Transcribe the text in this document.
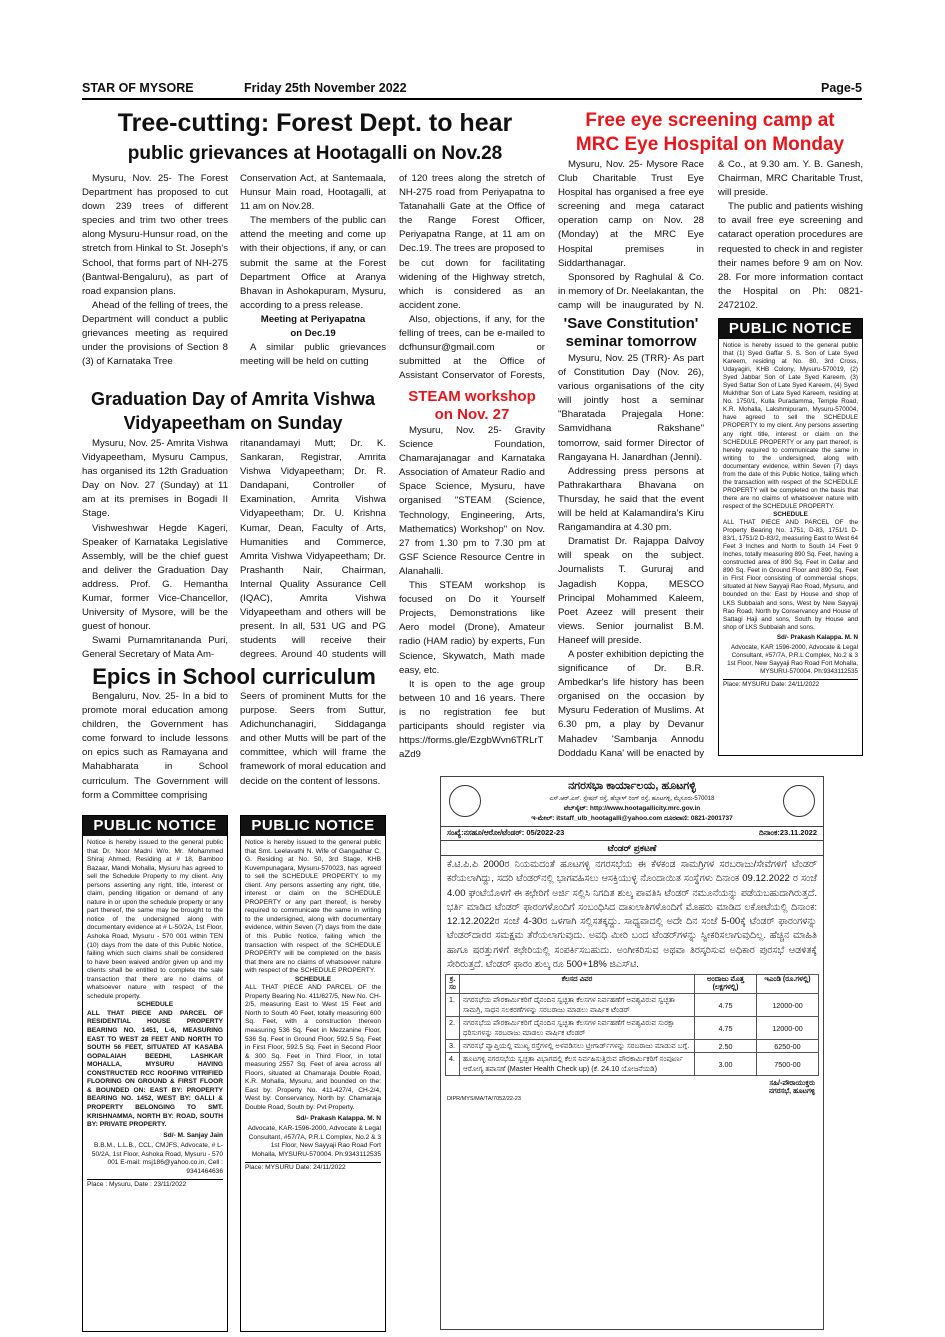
STAR OF MYSORE	Friday 25th November 2022	Page-5
Tree-cutting: Forest Dept. to hear
public grievances at Hootagalli on Nov.28

Mysuru, Nov. 25- The Forest Department has proposed to cut down 239 trees of different species and trim two other trees along Mysuru-Hunsur road, on the stretch from Hinkal to St. Joseph's School, that forms part of NH-275 (Bantwal-Bengaluru), as part of road expansion plans.

Ahead of the felling of trees, the Department will conduct a public grievances meeting as required under the provisions of Section 8 (3) of Karnataka Tree

Conservation Act, at Santemaala, Hunsur Main road, Hootagalli, at 11 am on Nov.28.

The members of the public can attend the meeting and come up with their objections, if any, or can submit the same at the Forest Department Office at Aranya Bhavan in Ashokapuram, Mysuru, according to a press release.

Meeting at Periyapatna on Dec.19

A similar public grievances meeting will be held on cutting

of 120 trees along the stretch of NH-275 road from Periyapatna to Tatanahalli Gate at the Office of the Range Forest Officer, Periyapatna Range, at 11 am on Dec.19. The trees are proposed to be cut down for facilitating widening of the Highway stretch, which is considered as an accident zone.

Also, objections, if any, for the felling of trees, can be e-mailed to dcfhunsur@gmail.com or submitted at the Office of Assistant Conservator of Forests,

Graduation Day of Amrita Vishwa
Vidyapeetham on Sunday

Mysuru, Nov. 25- Amrita Vishwa Vidyapeetham, Mysuru Campus, has organised its 12th Graduation Day on Nov. 27 (Sunday) at 11 am at its premises in Bogadi II Stage.

Vishweshwar Hegde Kageri, Speaker of Karnataka Legislative Assembly, will be the chief guest and deliver the Graduation Day address. Prof. G. Hemantha Kumar, former Vice-Chancellor, University of Mysore, will be the guest of honour.

Swami Purnamritananda Puri, General Secretary of Mata Am-

ritanandamayi Mutt; Dr. K. Sankaran, Registrar, Amrita Vishwa Vidyapeetham; Dr. R. Dandapani, Controller of Examination, Amrita Vishwa Vidyapeetham; Dr. U. Krishna Kumar, Dean, Faculty of Arts, Humanities and Commerce, Amrita Vishwa Vidyapeetham; Dr. Prashanth Nair, Chairman, Internal Quality Assurance Cell (IQAC), Amrita Vishwa Vidyapeetham and others will be present. In all, 531 UG and PG students will receive their degrees. Around 40 students will

Epics in School curriculum

Bengaluru, Nov. 25- In a bid to promote moral education among children, the Government has come forward to include lessons on epics such as Ramayana and Mahabharata in School curriculum. The Government will form a Committee comprising

Seers of prominent Mutts for the purpose. Seers from Suttur, Adichunchanagiri, Siddaganga and other Mutts will be part of the committee, which will frame the framework of moral education and decide on the content of lessons.

STEAM workshop
on Nov. 27

Mysuru, Nov. 25- Gravity Science Foundation, Chamarajanagar and Karnataka Association of Amateur Radio and Space Science, Mysuru, have organised "STEAM (Science, Technology, Engineering, Arts, Mathematics) Workshop" on Nov. 27 from 1.30 pm to 7.30 pm at GSF Science Resource Centre in Alanahalli.

This STEAM workshop is focused on Do it Yourself Projects, Demonstrations like Aero model (Drone), Amateur radio (HAM radio) by experts, Fun Science, Skywatch, Math made easy, etc.

It is open to the age group between 10 and 16 years. There is no registration fee but participants should register via https://forms.gle/EzgbWvn6TRLrTaZd9

Free eye screening camp at
MRC Eye Hospital on Monday

Mysuru, Nov. 25- Mysore Race Club Charitable Trust Eye Hospital has organised a free eye screening and mega cataract operation camp on Nov. 28 (Monday) at the MRC Eye Hospital premises in Siddarthanagar.

Sponsored by Raghulal & Co. in memory of Dr. Neelakantan, the camp will be inaugurated by N.

& Co., at 9.30 am. Y. B. Ganesh, Chairman, MRC Charitable Trust, will preside.

The public and patients wishing to avail free eye screening and cataract operation procedures are requested to check in and register their names before 9 am on Nov. 28. For more information contact the Hospital on Ph: 0821-2472102.

'Save Constitution'
seminar tomorrow

Mysuru, Nov. 25 (TRR)- As part of Constitution Day (Nov. 26), various organisations of the city will jointly host a seminar "Bharatada Prajegala Hone: Samvidhana Rakshane" tomorrow, said former Director of Rangayana H. Janardhan (Jenni).

Addressing press persons at Pathrakarthara Bhavana on Thursday, he said that the event will be held at Kalamandira's Kiru Rangamandira at 4.30 pm.

Dramatist Dr. Rajappa Dalvoy will speak on the subject. Journalists T. Gururaj and Jagadish Koppa, MESCO Principal Mohammed Kaleem, Poet Azeez will present their views. Senior journalist B.M. Haneef will preside.

A poster exhibition depicting the significance of Dr. B.R. Ambedkar's life history has been organised on the occasion by Mysuru Federation of Muslims. At 6.30 pm, a play by Devanur Mahadev 'Sambanja Annodu Doddadu Kana' will be enacted by

PUBLIC NOTICE
Notice is hereby issued to the general public that (1) Syed Gaffar S. S. Son of Late Syed Kareem, residing at No. 80, 3rd Cross, Udayagiri, KHB Colony, Mysuru-570019, (2) Syed Jabbar Son of Late Syed Kareem, (3) Syed Sattar Son of Late Syed Kareem, (4) Syed Mukhthar Son of Late Syed Kareem, residing at No. 1750/1, Kulla Puradamma, Temple Road, K.R. Mohalla, Lakshmipuram, Mysuru-570004, have agreed to sell the SCHEDULE PROPERTY to my client. Any persons asserting any right title, interest or claim on the SCHEDULE PROPERTY or any part thereof, is hereby required to communicate the same in writing to the undersigned, along with documentary evidence, within Seven (7) days from the date of this Public Notice, failing which the transaction with respect of the SCHEDULE PROPERTY will be completed on the basis that there are no claims of whatsoever nature with respect of the SCHEDULE PROPERTY.
SCHEDULE
ALL THAT PIECE AND PARCEL OF the Property Bearing No. 1751, D-83, 1751/1 D-83/1, 1751/2 D-83/2, measuring East to West 64 Feet 3 Inches and North to South 14 Feet 9 Inches, totally measuring 890 Sq. Feet, having a constructed area of 890 Sq. Feet in Cellar and 890 Sq. Feet in Ground Floor and 890 Sq. Feet in First Floor consisting of commercial shops, situated at New Sayyaji Rao Road, Mysuru, and bounded on the: East by House and shop of LKS Subbaiah and sons, West by New Sayyaji Rao Road, North by Conservancy and House of Sattagi Haji and sons, South by House and shop of LKS Subbaiah and sons.
Sd/- Prakash Kalappa. M. N
Advocate, KAR 1596-2000, Advocate & Legal Consultant, #57/7A, P.R.L Complex, No.2 & 3 1st Floor, New Sayyaji Rao Road Fort Mohalla, MYSURU-570004. Ph:9343112535
Place: MYSURU Date: 24/11/2022
PUBLIC NOTICE
Notice is hereby issued to the general public that Dr. Noor Madni W/o. Mr. Mohammed Shiraj Ahmed, Residing at # 18, Bamboo Bazaar, Mandi Mohalla, Mysuru has agreed to sell the Schedule Property to my client. Any persons asserting any right, title, interest or claim, pending litigation or demand of any nature in or upon the schedule property or any part thereof, the same may be brought to the notice of the undersigned along with documentary evidence at # L-50/2A, 1st Floor, Ashoka Road, Mysuru - 570 001 within TEN (10) days from the date of this Public Notice, failing which such claims shall be considered to have been waived and/or given up and my clients shall be entitled to complete the sale transaction that there are no claims of whatsoever nature with respect of the schedule property.
SCHEDULE
ALL THAT PIECE AND PARCEL OF RESIDENTIAL HOUSE PROPERTY BEARING NO. 1451, L-6, MEASURING EAST TO WEST 28 FEET AND NORTH TO SOUTH 56 FEET, SITUATED AT KASABA GOPALAIAH BEEDHI, LASHKAR MOHALLA, MYSURU HAVING CONSTRUCTED RCC ROOFING VITRIFIED FLOORING ON GROUND & FIRST FLOOR & BOUNDED ON: EAST BY: PROPERTY BEARING NO. 1452, WEST BY: GALLI & PROPERTY BELONGING TO SMT. KRISHNAMMA, NORTH BY: ROAD, SOUTH BY: PRIVATE PROPERTY.
Sd/- M. Sanjay Jain
B.B.M., L.L.B., CCL, CMJFS, Advocate, # L-50/2A, 1st Floor, Ashoka Road, Mysuru - 570 001 E-mail: msj186@yahoo.co.in, Cell : 9341464636
Place : Mysuru, Date : 23/11/2022
PUBLIC NOTICE
Notice is hereby issued to the general public that Smt. Leelavathi N. Wife of Gangadhar C. G. Residing at No. 50, 3rd Stage, KHB Kuvempunagara, Mysuru-570023, has agreed to sell the SCHEDULE PROPERTY to my client. Any persons asserting any right, title, interest or claim on the SCHEDULE PROPERTY or any part thereof, is hereby required to communicate the same in writing to the undersigned, along with documentary evidence, within Seven (7) days from the date of this Public Notice, failing which the transaction with respect of the SCHEDULE PROPERTY will be completed on the basis that there are no claims of whatsoever nature with respect of the SCHEDULE PROPERTY.
SCHEDULE
ALL THAT PIECE AND PARCEL OF the Property Bearing No. 411/627/5, New No. CH-2/5, measuring East to West 15 Feet and North to South 40 Feet, totally measuring 600 Sq. Feet, with a construction thereon measuring 536 Sq. Feet in Mezzanine Floor, 536 Sq. Feet in Ground Floor, 592.5 Sq. Feet in First Floor, 592.5 Sq. Feet in Second Floor & 300 Sq. Feet in Third Floor, in total measuring 2557 Sq. Feet of area across all Floors, situated at Chamaraja Double Road, K.R. Mohalla, Mysuru, and bounded on the: East by: Property No. 411-427/4, CH-2/4, West by: Conservancy, North by: Chamaraja Double Road, South by: Pvt Property.
Sd/- Prakash Kalappa. M. N
Advocate, KAR-1596-2000, Advocate & Legal Consultant, #57/7A, P.R.L Complex, No.2 & 3 1st Floor, New Sayyaji Rao Road Fort Mohalla, MYSURU-570004. Ph:9343112535
Place: MYSURU Date: 24/11/2022
ನಗರಸಭಾ ಕಾರ್ಯಾಲಯ, ಹೂಟಗಳ್ಳಿ
ಎಸ್.ಆರ್.ಎಸ್. ಸ್ಟೇಷನ್ ರಸ್ತೆ, ಹೆಬ್ಬಾಳ್ ರಿಂಗ್ ರಸ್ತೆ, ಹೂಟಗಳ್ಳಿ, ಮೈಸೂರು-570018
ವೆಬ್‌ಸೈಟ್: http://www.hootagallicity.mrc.gov.in
ಇ-ಮೇಲ್: itstaff_ulb_hootagalli@yahoo.com ದೂರವಾಣಿ: 0821-2001737
ಸಂಖ್ಯೆ:ನಸಹೂ/ಆರೋ/ಟೆಂಡರ್: 05/2022-23	ದಿನಾಂಕ:23.11.2022
ಟೆಂಡರ್ ಪ್ರಕಟಣೆ
ಕೆ.ಟಿ.ಪಿ.ಪಿ 2000ರ ನಿಯಮದಂತೆ ಹೂಟಗಳ್ಳಿ ನಗರಸಭೆಯ ಈ ಕೆಳಕಂಡ ಸಾಮಗ್ರಿಗಳ ಸರಬರಾಜು/ಸೇವೆಗಳಿಗೆ ಟೆಂಡರ್ ಕರೆಯಲಾಗಿದ್ದು, ಸದರಿ ಟೆಂಡರ್‌ನಲ್ಲಿ ಭಾಗವಹಿಸಲು ಆಸಕ್ತಿಯುಳ್ಳ ನೊಂದಾಯಿತ ಸಂಸ್ಥೆಗಳು ದಿನಾಂಕ 09.12.2022 ರ ಸಂಜೆ 4.00 ಘಂಟೆಯೊಳಗೆ ಈ ಕಛೇರಿಗೆ ಅರ್ಜಿ ಸಲ್ಲಿಸಿ ನಿಗದಿತ ಶುಲ್ಕ ಪಾವತಿಸಿ ಟೆಂಡರ್ ನಮೂನೆಯನ್ನು ಪಡೆಯಬಹುದಾಗಿರುತ್ತದೆ. ಭರ್ತಿ ಮಾಡಿದ ಟೆಂಡರ್ ಫಾರಂಗಳೊಂದಿಗೆ ಸಂಬಂಧಿಸಿದ ದಾಖಲಾತಿಗಳೊಂದಿಗೆ ಮೊಹರು ಮಾಡಿದ ಲಕೋಟೆಯಲ್ಲಿ ದಿನಾಂಕ: 12.12.2022ರ ಸಂಜೆ 4-30ರ ಒಳಗಾಗಿ ಸಲ್ಲಿಸತಕ್ಕದ್ದು. ಸಾಧ್ಯವಾದಲ್ಲಿ ಅದೇ ದಿನ ಸಂಜೆ 5-00ಕ್ಕೆ ಟೆಂಡರ್ ಫಾರಂಗಳನ್ನು ಟೆಂಡರ್‌ದಾರರ ಸಮಕ್ಷಮ ತೆರೆಯಲಾಗುವುದು. ಅವಧಿ ಮೀರಿ ಬಂದ ಟೆಂಡರ್‌ಗಳನ್ನು ಸ್ವೀಕರಿಸಲಾಗುವುದಿಲ್ಲ. ಹೆಚ್ಚಿನ ಮಾಹಿತಿ ಹಾಗೂ ಷರತ್ತುಗಳಿಗೆ ಕಛೇರಿಯಲ್ಲಿ ಸಂಪರ್ಕಿಸಬಹುದು. ಅಂಗೀಕರಿಸುವ ಅಥವಾ ತಿರಸ್ಕರಿಸುವ ಅಧಿಕಾರ ಪುರಸಭೆ ಆಡಳಿತಕ್ಕೆ ಸೇರಿರುತ್ತದೆ. ಟೆಂಡರ್ ಫಾರಂ ಶುಲ್ಕ ರೂ 500+18% ಜಿಎಸ್‌ಟಿ.
ಕ್ರ. ಸಂ	ಕೆಲಸದ ವಿವರ	ಅಂದಾಜು ಮೊತ್ತ (ಲಕ್ಷಗಳಲ್ಲಿ)	ಇಎಂಡಿ (ರೂ.ಗಳಲ್ಲಿ)
1.	ನಗರಸಭೆಯ ಪೌರಕಾರ್ಮಿಕರಿಗೆ ದೈನಂದಿನ ಸ್ವಚ್ಛತಾ ಕೆಲಸಗಳ ನಿರ್ವಹಣೆಗೆ ಅವಶ್ಯವಿರುವ ಸ್ವಚ್ಛತಾ ಸಾಮಗ್ರಿ, ಸಾಧನ ಸಲಕರಣೆಗಳನ್ನು ಸರಬರಾಜು ಮಾಡಲು ವಾರ್ಷಿಕ ಟೆಂಡರ್	4.75	12000-00
2.	ನಗರಸಭೆಯ ಪೌರಕಾರ್ಮಿಕರಿಗೆ ದೈನಂದಿನ ಸ್ವಚ್ಛತಾ ಕೆಲಸಗಳ ನಿರ್ವಹಣೆಗೆ ಅವಶ್ಯವಿರುವ ಸುರಕ್ಷಾ ಧರಿಸುಗಳನ್ನು ಸರಬರಾಜು ಮಾಡಲು ವಾರ್ಷಿಕ ಟೆಂಡರ್	4.75	12000-00
3.	ನಗರಸಭೆ ವ್ಯಾಪ್ತಿಯಲ್ಲಿ ಮುಖ್ಯ ರಸ್ತೆಗಳಲ್ಲಿ ಅಳವಡಿಸಲು ಟ್ರೀಗಾರ್ಡ್‌ಗಳನ್ನು ಸರಬರಾಜು ಮಾಡುವ ಬಗ್ಗೆ.	2.50	6250-00
4.	ಹೂಟಗಳ್ಳಿ ನಗರಸಭೆಯ ಸ್ವಚ್ಛತಾ ವಿಭಾಗದಲ್ಲಿ ಕೆಲಸ ನಿರ್ವಹಿಸುತ್ತಿರುವ ಪೌರಕಾರ್ಮಿಕರಿಗೆ ಸಂಪೂರ್ಣ ಆರೋಗ್ಯ ತಪಾಸಣೆ (Master Health Check up) (ಕೆ. 24.10 ಯೋಜನೆಯಡಿ)	3.00	7500-00
ಸಹಿ/-ಪೌರಾಯುಕ್ತರು
ನಗರಸಭೆ, ಹೂಟಗಳ್ಳಿ
DIPR/MYS/MA/TA/7052/22-23
